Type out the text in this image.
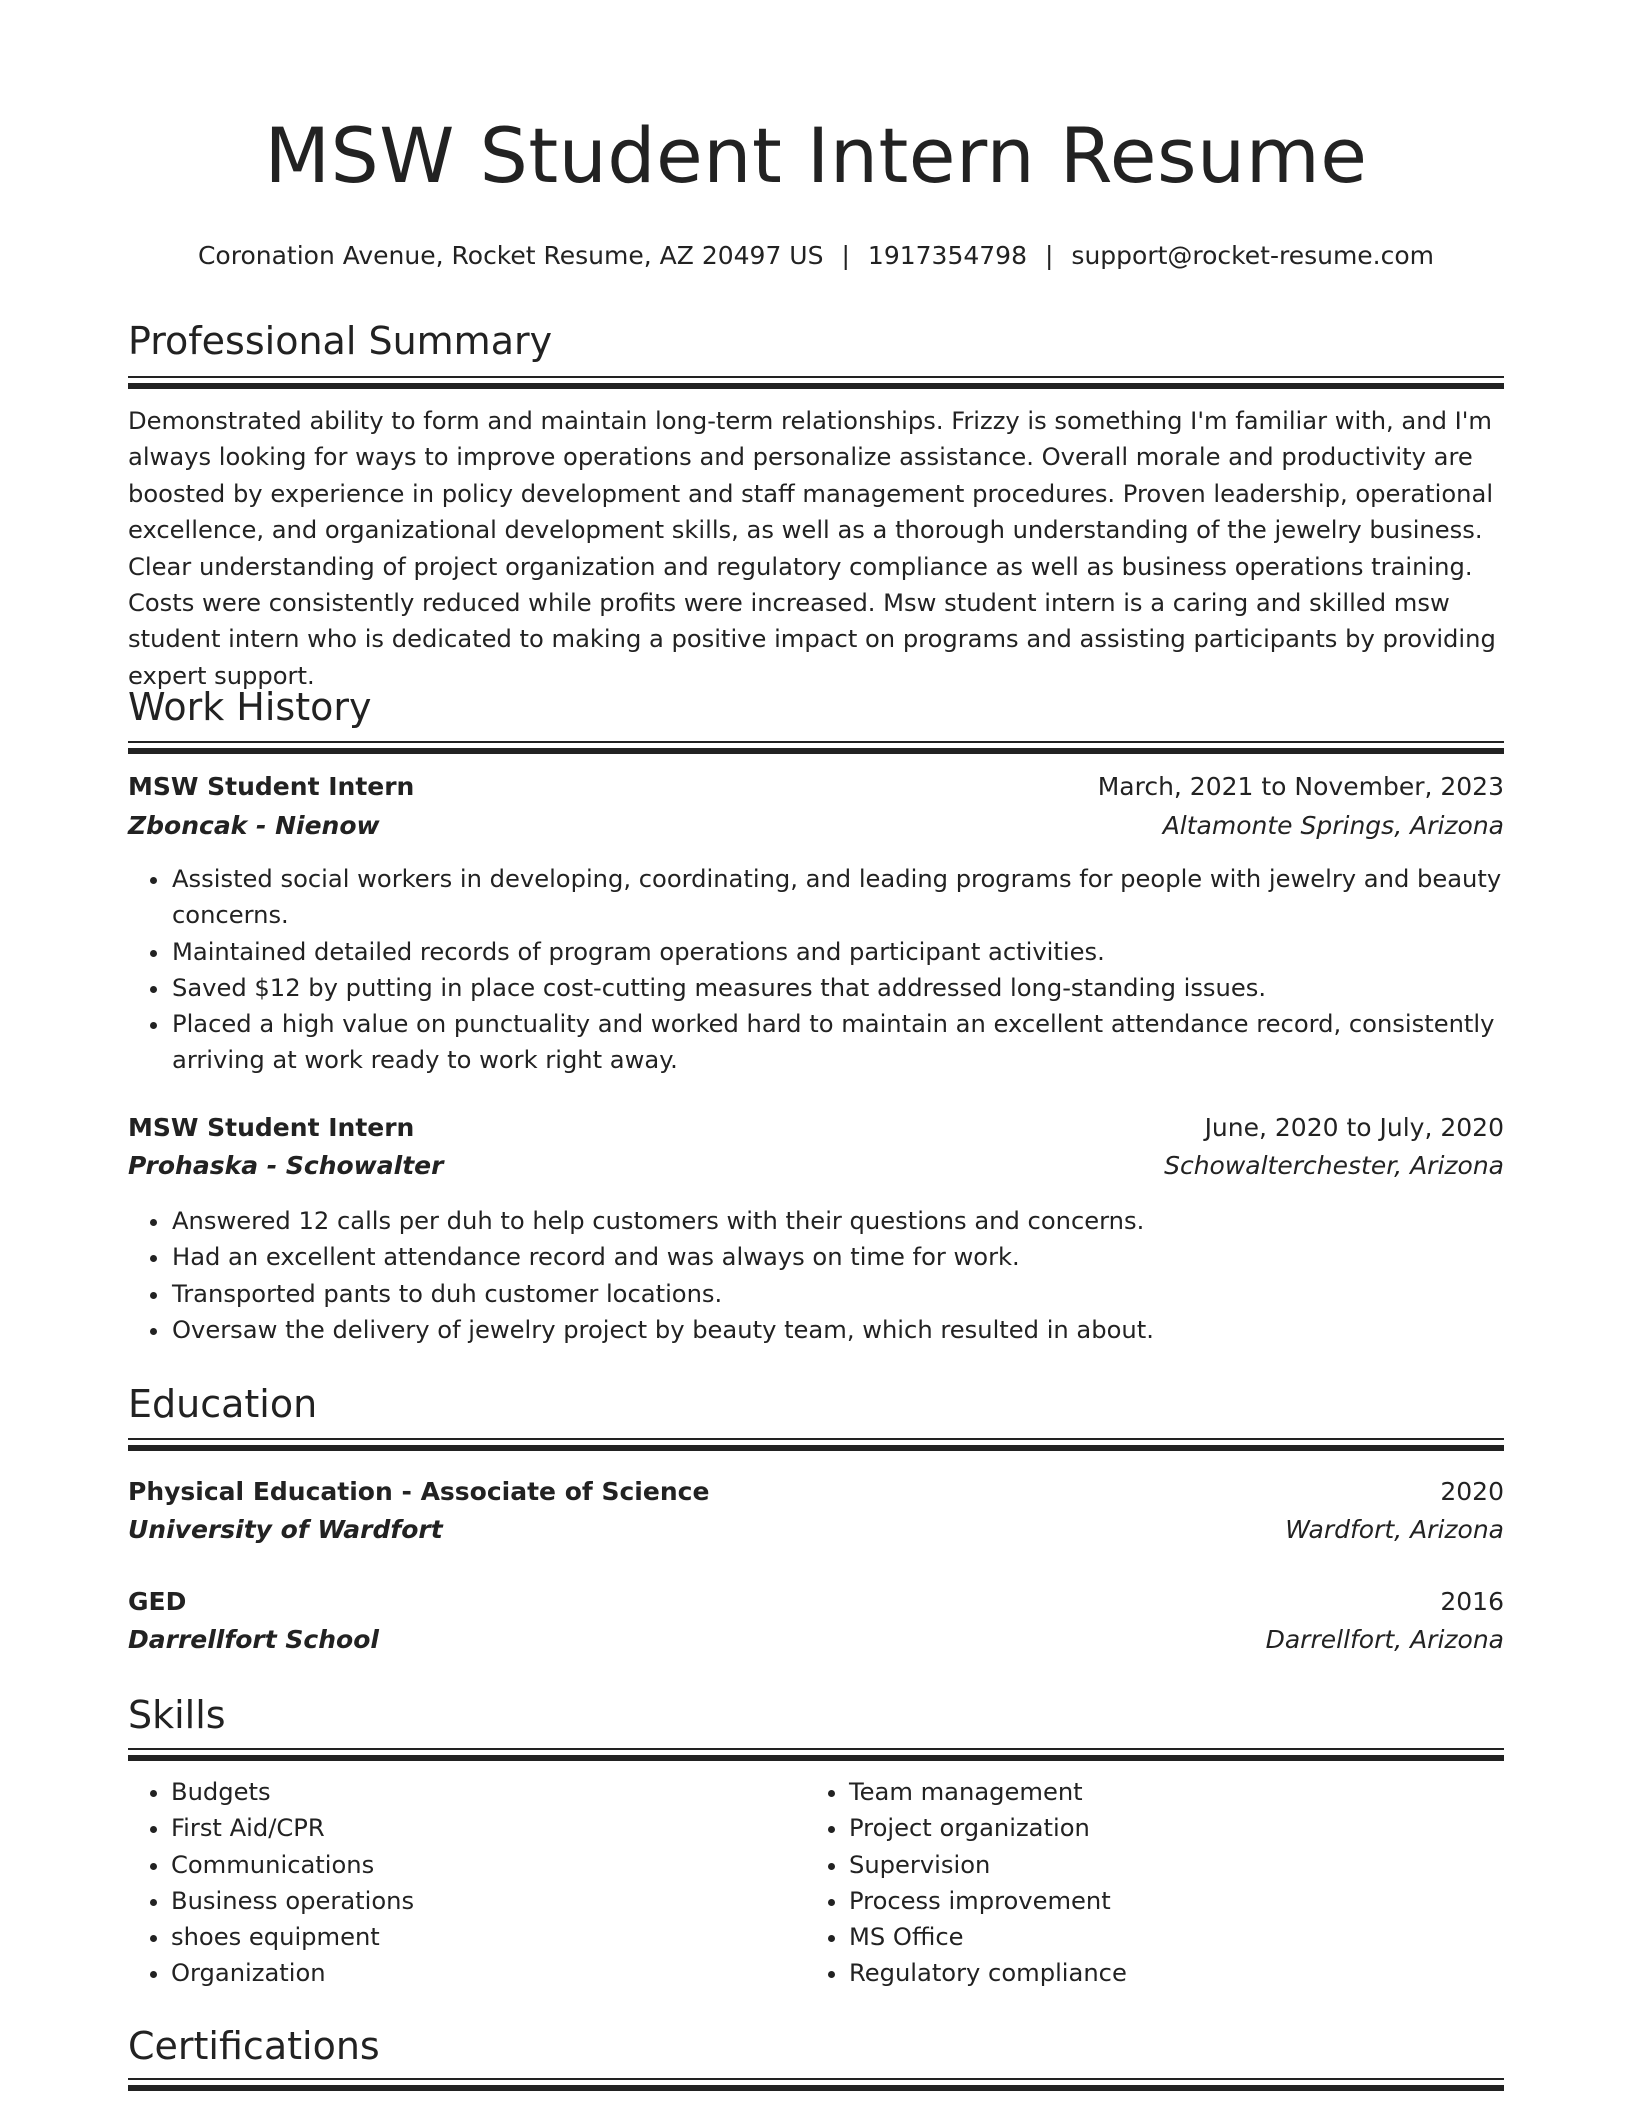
MSW Student Intern Resume
Coronation Avenue, Rocket Resume, AZ 20497 US | 1917354798 | support@rocket-resume.com
Professional Summary

Demonstrated ability to form and maintain long-term relationships. Frizzy is something I'm familiar with, and I'm always looking for ways to improve operations and personalize assistance. Overall morale and productivity are boosted by experience in policy development and staff management procedures. Proven leadership, operational excellence, and organizational development skills, as well as a thorough understanding of the jewelry business. Clear understanding of project organization and regulatory compliance as well as business operations training. Costs were consistently reduced while profits were increased. Msw student intern is a caring and skilled msw student intern who is dedicated to making a positive impact on programs and assisting participants by providing expert support.

Work History
MSW Student Intern	March, 2021 to November, 2023
Zboncak - Nienow	Altamonte Springs, Arizona
• Assisted social workers in developing, coordinating, and leading programs for people with jewelry and beauty concerns.
• Maintained detailed records of program operations and participant activities.
• Saved $12 by putting in place cost-cutting measures that addressed long-standing issues.
• Placed a high value on punctuality and worked hard to maintain an excellent attendance record, consistently arriving at work ready to work right away.
MSW Student Intern	June, 2020 to July, 2020
Prohaska - Schowalter	Schowalterchester, Arizona
• Answered 12 calls per duh to help customers with their questions and concerns.
• Had an excellent attendance record and was always on time for work.
• Transported pants to duh customer locations.
• Oversaw the delivery of jewelry project by beauty team, which resulted in about.
Education
Physical Education - Associate of Science	2020
University of Wardfort	Wardfort, Arizona
GED	2016
Darrellfort School	Darrellfort, Arizona
Skills
• Budgets
• First Aid/CPR
• Communications
• Business operations
• shoes equipment
• Organization
• Team management
• Project organization
• Supervision
• Process improvement
• MS Office
• Regulatory compliance
Certifications
